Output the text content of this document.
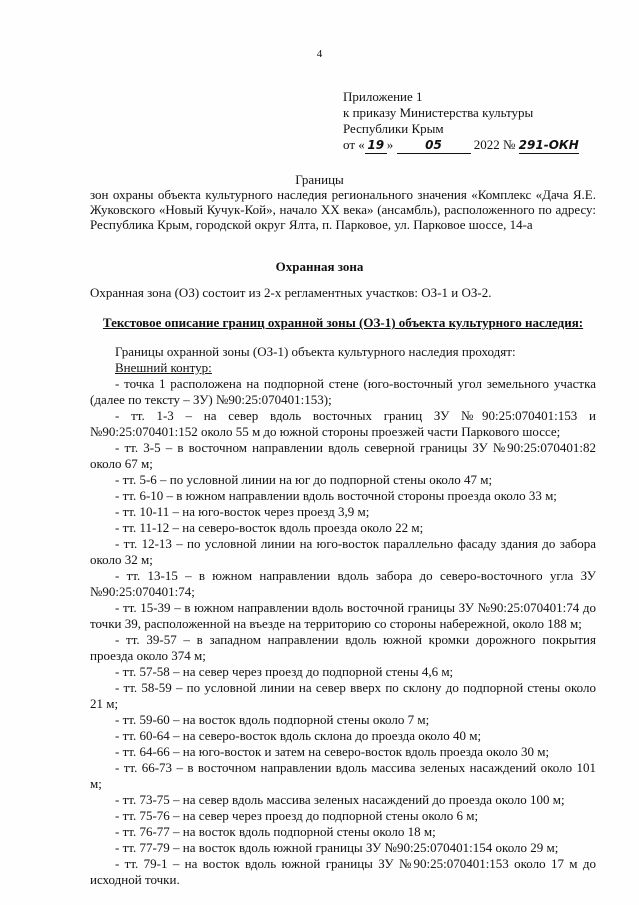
4
Приложение 1
к приказу Министерства культуры
Республики Крым
от « 19 »	05 2022 № 291-ОКН
Границы
зон охраны объекта культурного наследия регионального значения «Комплекс «Дача Я.Е. Жуковского «Новый Кучук-Кой», начало XX века» (ансамбль), расположенного по адресу: Республика Крым, городской округ Ялта, п. Парковое, ул. Парковое шоссе, 14-а
Охранная зона
Охранная зона (ОЗ) состоит из 2-х регламентных участков: ОЗ-1 и ОЗ-2.
Текстовое описание границ охранной зоны (ОЗ-1) объекта культурного наследия:

Границы охранной зоны (ОЗ-1) объекта культурного наследия проходят:

Внешний контур:

- точка 1 расположена на подпорной стене (юго-восточный угол земельного участка (далее по тексту – ЗУ) №90:25:070401:153);

- тт. 1-3 – на север вдоль восточных границ ЗУ №90:25:070401:153 и №90:25:070401:152 около 55 м до южной стороны проезжей части Паркового шоссе;

- тт. 3-5 – в восточном направлении вдоль северной границы ЗУ №90:25:070401:82 около 67 м;

- тт. 5-6 – по условной линии на юг до подпорной стены около 47 м;

- тт. 6-10 – в южном направлении вдоль восточной стороны проезда около 33 м;

- тт. 10-11 – на юго-восток через проезд 3,9 м;

- тт. 11-12 – на северо-восток вдоль проезда около 22 м;

- тт. 12-13 – по условной линии на юго-восток параллельно фасаду здания до забора около 32 м;

- тт. 13-15 – в южном направлении вдоль забора до северо-восточного угла ЗУ №90:25:070401:74;

- тт. 15-39 – в южном направлении вдоль восточной границы ЗУ №90:25:070401:74 до точки 39, расположенной на въезде на территорию со стороны набережной, около 188 м;

- тт. 39-57 – в западном направлении вдоль южной кромки дорожного покрытия проезда около 374 м;

- тт. 57-58 – на север через проезд до подпорной стены 4,6 м;

- тт. 58-59 – по условной линии на север вверх по склону до подпорной стены около 21 м;

- тт. 59-60 – на восток вдоль подпорной стены около 7 м;

- тт. 60-64 – на северо-восток вдоль склона до проезда около 40 м;

- тт. 64-66 – на юго-восток и затем на северо-восток вдоль проезда около 30 м;

- тт. 66-73 – в восточном направлении вдоль массива зеленых насаждений около 101 м;

- тт. 73-75 – на север вдоль массива зеленых насаждений до проезда около 100 м;

- тт. 75-76 – на север через проезд до подпорной стены около 6 м;

- тт. 76-77 – на восток вдоль подпорной стены около 18 м;

- тт. 77-79 – на восток вдоль южной границы ЗУ №90:25:070401:154 около 29 м;

- тт. 79-1 – на восток вдоль южной границы ЗУ №90:25:070401:153 около 17 м до исходной точки.
